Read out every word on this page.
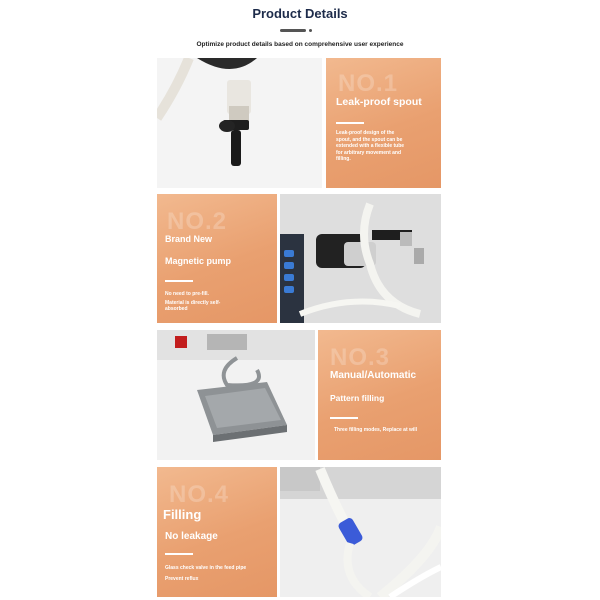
Product Details
Optimize product details based on comprehensive user experience
NO.1
Leak-proof spout
Leak-proof design of the
spout, and the spout can be
extended with a flexible tube
for arbitrary movement and
filling.
NO.2
Brand New
Magnetic pump
No need to pre-fill.
Material is directly self-
absorbed
NO.3
Manual/Automatic
Pattern filling
Three filling modes, Replace at will
NO.4
Filling
No leakage
Glass check valve in the feed pipe
Prevent reflux
